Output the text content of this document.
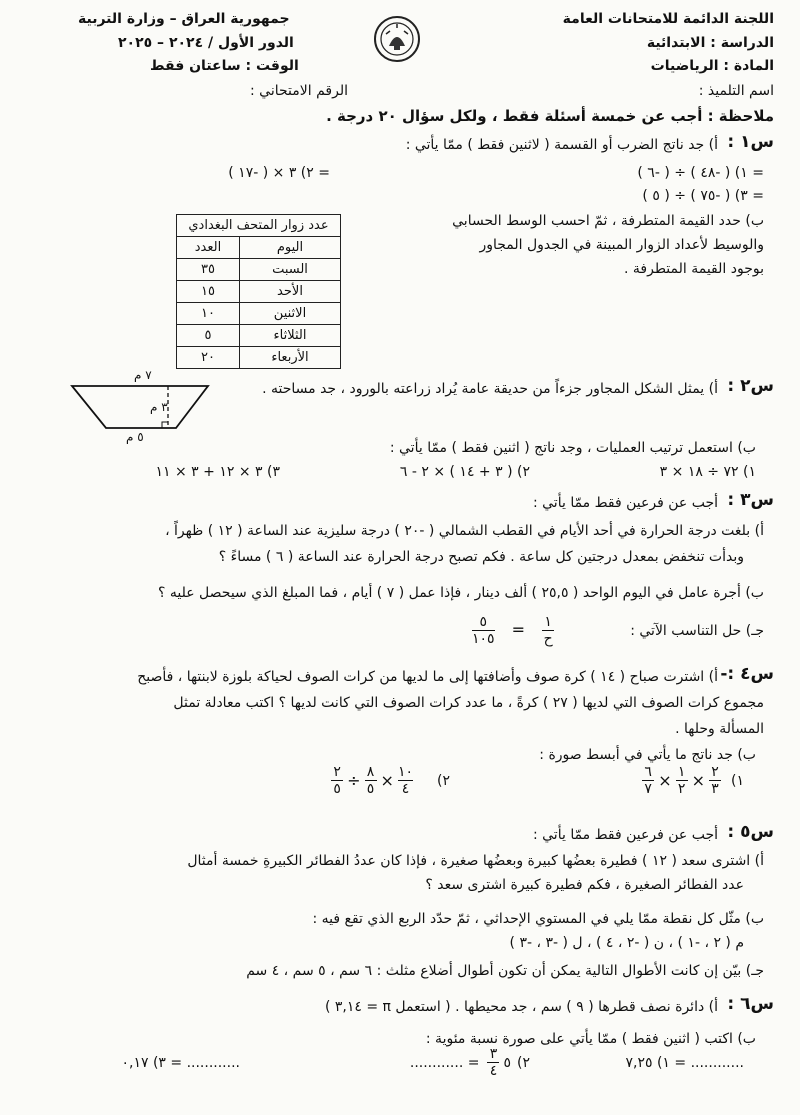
اللجنة الدائمة للامتحانات العامة
الدراسة : الابتدائية
المادة : الرياضيات
اسم التلميذ :
جمهورية العراق – وزارة التربية
الدور الأول / ٢٠٢٤ – ٢٠٢٥
الوقت : ساعتان فقط
الرقم الامتحاني :
ملاحظة : أجب عن خمسة أسئلة فقط ، ولكل سؤال ٢٠ درجة .
س١ :
أ) جد ناتج الضرب أو القسمة ( لاثنين فقط ) ممّا يأتي :
١) ( -٤٨ ) ÷ ( -٦ ) =
٢) ٣ × ( -١٧ ) =
٣) ( -٧٥ ) ÷ ( ٥ ) =
ب) حدد القيمة المتطرفة ، ثمّ احسب الوسط الحسابي
والوسيط لأعداد الزوار المبينة في الجدول المجاور
بوجود القيمة المتطرفة .
عدد زوار المتحف البغدادي	
اليوم	العدد
السبت	٣٥
الأحد	١٥
الاثنين	١٠
الثلاثاء	٥
الأربعاء	٢٠
س٢ :
أ) يمثل الشكل المجاور جزءاً من حديقة عامة يُراد زراعته بالورود ، جد مساحته .
٧ م
٣ م
٥ م
ب) استعمل ترتيب العمليات ، وجد ناتج ( اثنين فقط ) ممّا يأتي :
١) ٧٢ ÷ ١٨ × ٣
٢) ( ٣ + ١٤ ) × ٢ - ٦
٣) ٣ × ١٢ + ٣ × ١١
س٣ :
أجب عن فرعين فقط ممّا يأتي :
أ) بلغت درجة الحرارة في أحد الأيام في القطب الشمالي ( -٢٠ ) درجة سليزية عند الساعة ( ١٢ ) ظهراً ،
وبدأت تنخفض بمعدل درجتين كل ساعة . فكم تصبح درجة الحرارة عند الساعة ( ٦ ) مساءً ؟
ب) أجرة عامل في اليوم الواحد ( ٢٥,٥ ) ألف دينار ، فإذا عمل ( ٧ ) أيام ، فما المبلغ الذي سيحصل عليه ؟
جـ) حل التناسب الآتي :
$\frac{٥}{١٠٥} = \frac{١}{\text{ح}}$
س٤ :-
أ) اشترت صباح ( ١٤ ) كرة صوف وأضافتها إلى ما لديها من كرات الصوف لحياكة بلوزة لابنتها ، فأصبح
مجموع كرات الصوف التي لديها ( ٢٧ ) كرةً ، ما عدد كرات الصوف التي كانت لديها ؟ اكتب معادلة تمثل
المسألة وحلها .
ب) جد ناتج ما يأتي في أبسط صورة :
١)
$\frac{٢}{٣}$
×
$\frac{١}{٢}$
×
$\frac{٦}{٧}$
٢)
$\frac{١٠}{٤}$
×
$\frac{٨}{٥}$
÷
$\frac{٢}{٥}$
س٥ :
أجب عن فرعين فقط ممّا يأتي :
أ) اشترى سعد ( ١٢ ) فطيرة بعضُها كبيرة وبعضُها صغيرة ، فإذا كان عددُ الفطائر الكبيرةِ خمسة أمثال
عدد الفطائر الصغيرة ، فكم فطيرة كبيرة اشترى سعد ؟
ب) مثّل كل نقطة ممّا يلي في المستوي الإحداثي ، ثمّ حدّد الربع الذي تقع فيه :
م ( ٢ ، -١ ) ، ن ( -٢ ، ٤ ) ، ل ( -٣ ، -٣ )
جـ) بيّن إن كانت الأطوال التالية يمكن أن تكون أطوال أضلاع مثلث : ٦ سم ، ٥ سم ، ٤ سم
س٦ :
أ) دائرة نصف قطرها ( ٩ ) سم ، جد محيطها . ( استعمل π = ٣,١٤ )
ب) اكتب ( اثنين فقط ) ممّا يأتي على صورة نسبة مئوية :
١) ٧,٢٥ = ............
٢)
٥
$\frac{٣}{٤}$
= ............
٣) ٠,١٧ = ............
